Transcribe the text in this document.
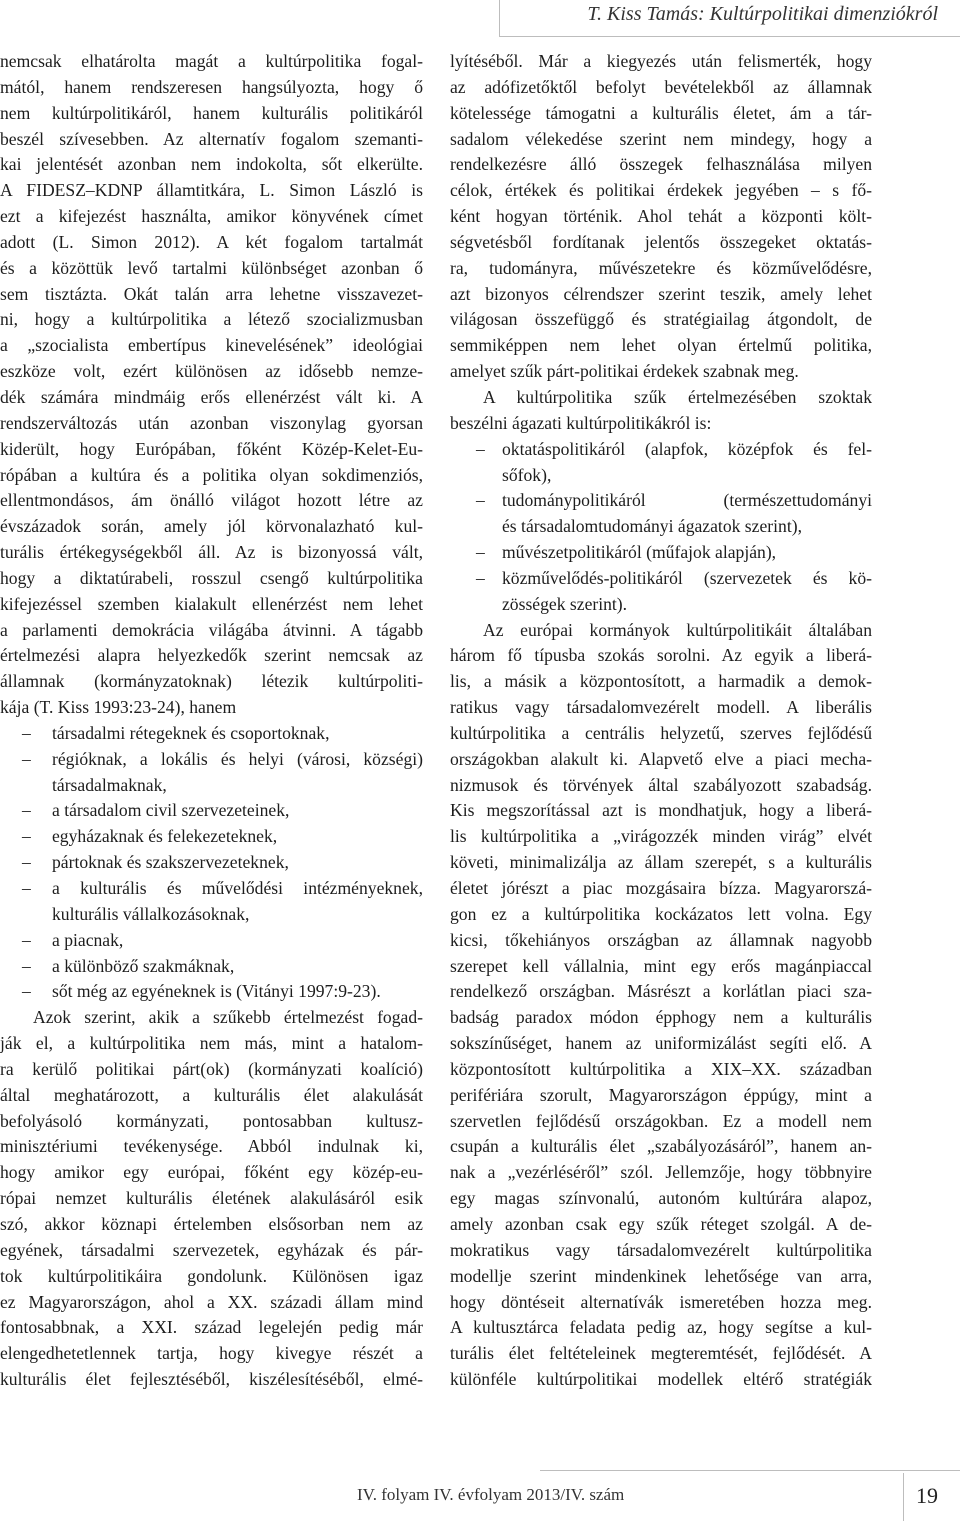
T. Kiss Tamás: Kultúrpolitikai dimenziókról

nemcsak elhatárolta magát a kultúrpolitika fogal-

mától, hanem rendszeresen hangsúlyozta, hogy ő

nem kultúrpolitikáról, hanem kulturális politikáról

beszél szívesebben. Az alternatív fogalom szemanti-

kai jelentését azonban nem indokolta, sőt elkerülte.

A FIDESZ–KDNP államtitkára, L. Simon László is

ezt a kifejezést használta, amikor könyvének címet

adott (L. Simon 2012). A két fogalom tartalmát

és a közöttük levő tartalmi különbséget azonban ő

sem tisztázta. Okát talán arra lehetne visszavezet-

ni, hogy a kultúrpolitika a létező szocializmusban

a „szocialista embertípus kinevelésének” ideológiai

eszköze volt, ezért különösen az idősebb nemze-

dék számára mindmáig erős ellenérzést vált ki. A

rendszerváltozás után azonban viszonylag gyorsan

kiderült, hogy Európában, főként Közép-Kelet-Eu-

rópában a kultúra és a politika olyan sokdimenziós,

ellentmondásos, ám önálló világot hozott létre az

évszázadok során, amely jól körvonalazható kul-

turális értékegységekből áll. Az is bizonyossá vált,

hogy a diktatúrabeli, rosszul csengő kultúrpolitika

kifejezéssel szemben kialakult ellenérzést nem lehet

a parlamenti demokrácia világába átvinni. A tágabb

értelmezési alapra helyezkedők szerint nemcsak az

államnak (kormányzatoknak) létezik kultúrpoliti-

kája (T. Kiss 1993:23-24), hanem

– társadalmi rétegeknek és csoportoknak,

– régióknak, a lokális és helyi (városi, községi)

társadalmaknak,

– a társadalom civil szervezeteinek,

– egyházaknak és felekezeteknek,

– pártoknak és szakszervezeteknek,

– a kulturális és művelődési intézményeknek,

kulturális vállalkozásoknak,

– a piacnak,

– a különböző szakmáknak,

– sőt még az egyéneknek is (Vitányi 1997:9-23).

Azok szerint, akik a szűkebb értelmezést fogad-

ják el, a kultúrpolitika nem más, mint a hatalom-

ra kerülő politikai párt(ok) (kormányzati koalíció)

által meghatározott, a kulturális élet alakulását

befolyásoló kormányzati, pontosabban kultusz-

minisztériumi tevékenysége. Abból indulnak ki,

hogy amikor egy európai, főként egy közép-eu-

rópai nemzet kulturális életének alakulásáról esik

szó, akkor köznapi értelemben elsősorban nem az

egyének, társadalmi szervezetek, egyházak és pár-

tok kultúrpolitikáira gondolunk. Különösen igaz

ez Magyarországon, ahol a XX. századi állam mind

fontosabbnak, a XXI. század legelején pedig már

elengedhetetlennek tartja, hogy kivegye részét a

kulturális élet fejlesztéséből, kiszélesítéséből, elmé-

lyítéséből. Már a kiegyezés után felismerték, hogy

az adófizetőktől befolyt bevételekből az államnak

kötelessége támogatni a kulturális életet, ám a tár-

sadalom vélekedése szerint nem mindegy, hogy a

rendelkezésre álló összegek felhasználása milyen

célok, értékek és politikai érdekek jegyében – s fő-

ként hogyan történik. Ahol tehát a központi költ-

ségvetésből fordítanak jelentős összegeket oktatás-

ra, tudományra, művészetekre és közművelődésre,

azt bizonyos célrendszer szerint teszik, amely lehet

világosan összefüggő és stratégiailag átgondolt, de

semmiképpen nem lehet olyan értelmű politika,

amelyet szűk párt-politikai érdekek szabnak meg.

A kultúrpolitika szűk értelmezésében szoktak

beszélni ágazati kultúrpolitikákról is:

– oktatáspolitikáról (alapfok, középfok és fel-

sőfok),

– tudománypolitikáról (természettudományi

és társadalomtudományi ágazatok szerint),

– művészetpolitikáról (műfajok alapján),

– közművelődés-politikáról (szervezetek és kö-

zösségek szerint).

Az európai kormányok kultúrpolitikáit általában

három fő típusba szokás sorolni. Az egyik a liberá-

lis, a másik a központosított, a harmadik a demok-

ratikus vagy társadalomvezérelt modell. A liberális

kultúrpolitika a centrális helyzetű, szerves fejlődésű

országokban alakult ki. Alapvető elve a piaci mecha-

nizmusok és törvények által szabályozott szabadság.

Kis megszorítással azt is mondhatjuk, hogy a liberá-

lis kultúrpolitika a „virágozzék minden virág” elvét

követi, minimalizálja az állam szerepét, s a kulturális

életet jórészt a piac mozgásaira bízza. Magyarorszá-

gon ez a kultúrpolitika kockázatos lett volna. Egy

kicsi, tőkehiányos országban az államnak nagyobb

szerepet kell vállalnia, mint egy erős magánpiaccal

rendelkező országban. Másrészt a korlátlan piaci sza-

badság paradox módon épphogy nem a kulturális

sokszínűséget, hanem az uniformizálást segíti elő. A

központosított kultúrpolitika a XIX–XX. században

perifériára szorult, Magyarországon éppúgy, mint a

szervetlen fejlődésű országokban. Ez a modell nem

csupán a kulturális élet „szabályozásáról”, hanem an-

nak a „vezérléséről” szól. Jellemzője, hogy többnyire

egy magas színvonalú, autonóm kultúrára alapoz,

amely azonban csak egy szűk réteget szolgál. A de-

mokratikus vagy társadalomvezérelt kultúrpolitika

modellje szerint mindenkinek lehetősége van arra,

hogy döntéseit alternatívák ismeretében hozza meg.

A kultusztárca feladata pedig az, hogy segítse a kul-

turális élet feltételeinek megteremtését, fejlődését. A

különféle kultúrpolitikai modellek eltérő stratégiák

IV. folyam IV. évfolyam 2013/IV. szám	19
